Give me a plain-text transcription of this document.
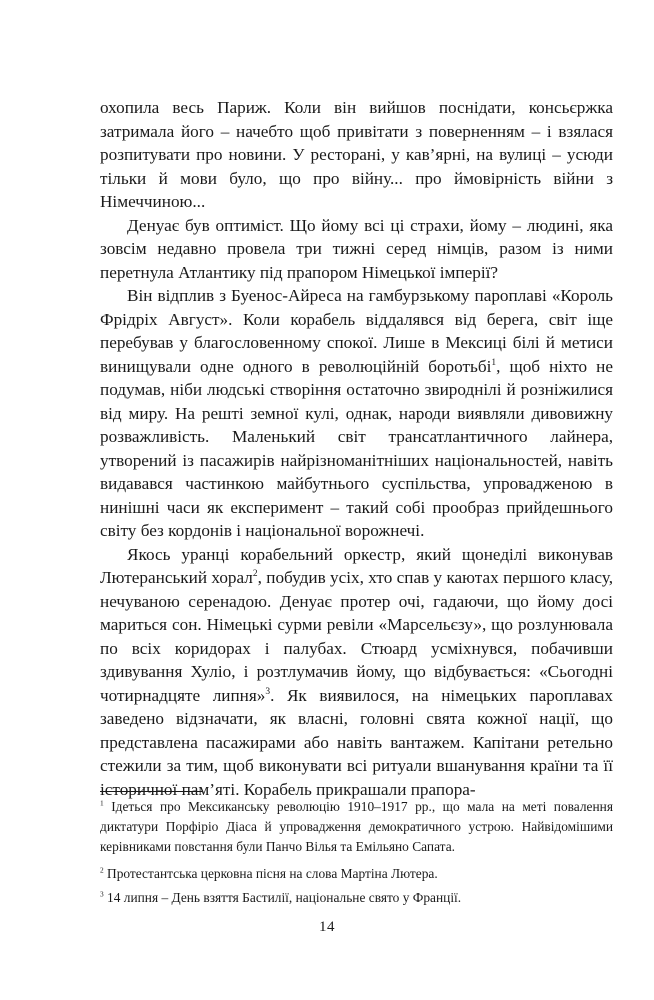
охопила весь Париж. Коли він вийшов поснідати, консьєржка затримала його – начебто щоб привітати з поверненням – і взялася розпитувати про новини. У ресторані, у кав’ярні, на вулиці – усюди тільки й мови було, що про війну... про ймовірність війни з Німеччиною...

Денуає був оптиміст. Що йому всі ці страхи, йому – людині, яка зовсім недавно провела три тижні серед німців, разом із ними перетнула Атлантику під прапором Німецької імперії?

Він відплив з Буенос-Айреса на гамбурзькому пароплаві «Король Фрідріх Август». Коли корабель віддалявся від берега, світ іще перебував у благословенному спокої. Лише в Мексиці білі й метиси винищували одне одного в революційній боротьбі$^1$, щоб ніхто не подумав, ніби людські створіння остаточно звироднілі й розніжилися від миру. На решті земної кулі, однак, народи виявляли дивовижну розважливість. Маленький світ трансатлантичного лайнера, утворений із пасажирів найрізноманітніших національностей, навіть видавався частинкою майбутнього суспільства, упровадженою в нинішні часи як експеримент – такий собі прообраз прийдешнього світу без кордонів і національної ворожнечі.

Якось уранці корабельний оркестр, який щонеділі виконував Лютеранський хорал$^2$, побудив усіх, хто спав у каютах першого класу, нечуваною серенадою. Денуає протер очі, гадаючи, що йому досі мариться сон. Німецькі сурми ревіли «Марсельєзу», що розлунювала по всіх коридорах і палубах. Стюард усміхнувся, побачивши здивування Хуліо, і розтлумачив йому, що відбувається: «Сьогодні чотирнадцяте липня»$^3$. Як виявилося, на німецьких пароплавах заведено відзначати, як власні, головні свята кожної нації, що представлена пасажирами або навіть вантажем. Капітани ретельно стежили за тим, щоб виконувати всі ритуали вшанування країни та її історичної пам’яті. Корабель прикрашали прапора-

$^1$ Ідеться про Мексиканську революцію 1910–1917 рр., що мала на меті повалення диктатури Порфіріо Діаса й упровадження демократичного устрою. Найвідомішими керівниками повстання були Панчо Вілья та Емільяно Сапата.

$^2$ Протестантська церковна пісня на слова Мартіна Лютера.

$^3$ 14 липня – День взяття Бастилії, національне свято у Франції.

14
